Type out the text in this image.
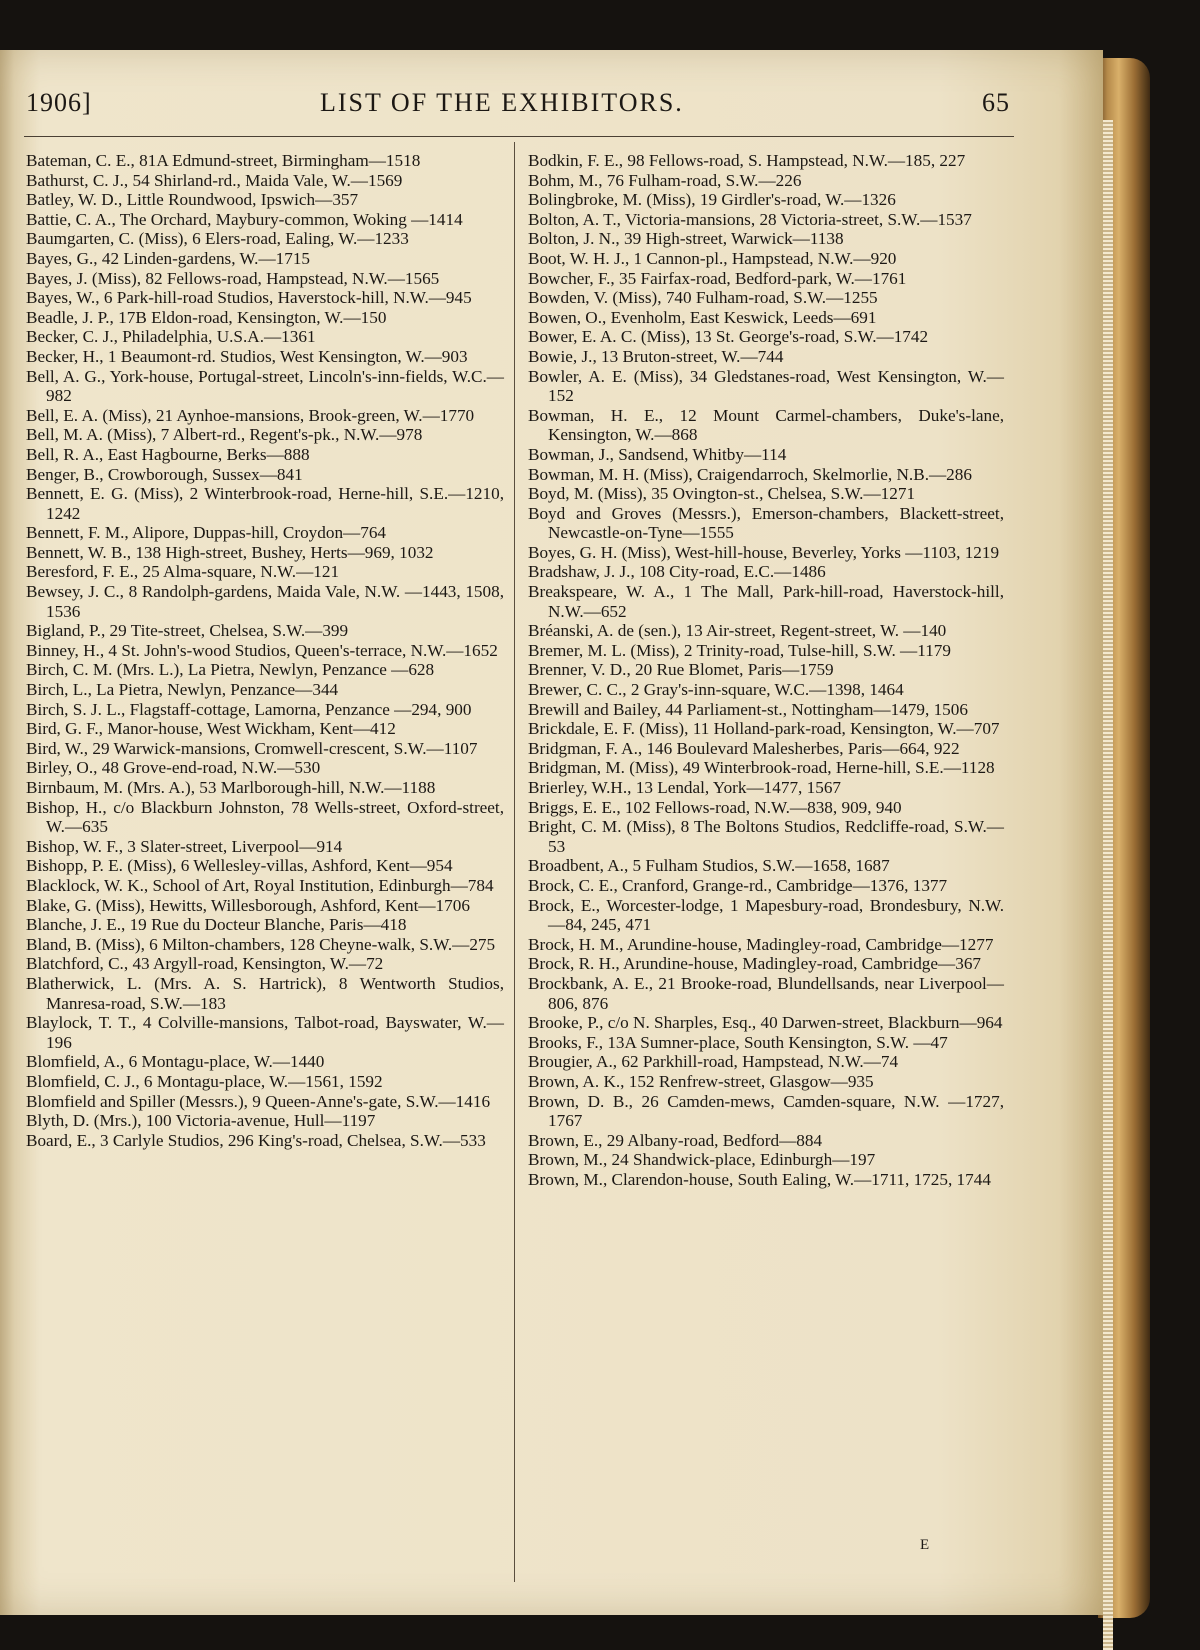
1906]	LIST OF THE EXHIBITORS.	65

Bateman, C. E., 81A Edmund-street, Birmingham—1518

Bathurst, C. J., 54 Shirland-rd., Maida Vale, W.—1569

Batley, W. D., Little Roundwood, Ipswich—357

Battie, C. A., The Orchard, Maybury-common, Woking —1414

Baumgarten, C. (Miss), 6 Elers-road, Ealing, W.—1233

Bayes, G., 42 Linden-gardens, W.—1715

Bayes, J. (Miss), 82 Fellows-road, Hampstead, N.W.—1565

Bayes, W., 6 Park-hill-road Studios, Haverstock-hill, N.W.—945

Beadle, J. P., 17B Eldon-road, Kensington, W.—150

Becker, C. J., Philadelphia, U.S.A.—1361

Becker, H., 1 Beaumont-rd. Studios, West Kensington, W.—903

Bell, A. G., York-house, Portugal-street, Lincoln's-inn-fields, W.C.—982

Bell, E. A. (Miss), 21 Aynhoe-mansions, Brook-green, W.—1770

Bell, M. A. (Miss), 7 Albert-rd., Regent's-pk., N.W.—978

Bell, R. A., East Hagbourne, Berks—888

Benger, B., Crowborough, Sussex—841

Bennett, E. G. (Miss), 2 Winterbrook-road, Herne-hill, S.E.—1210, 1242

Bennett, F. M., Alipore, Duppas-hill, Croydon—764

Bennett, W. B., 138 High-street, Bushey, Herts—969, 1032

Beresford, F. E., 25 Alma-square, N.W.—121

Bewsey, J. C., 8 Randolph-gardens, Maida Vale, N.W. —1443, 1508, 1536

Bigland, P., 29 Tite-street, Chelsea, S.W.—399

Binney, H., 4 St. John's-wood Studios, Queen's-terrace, N.W.—1652

Birch, C. M. (Mrs. L.), La Pietra, Newlyn, Penzance —628

Birch, L., La Pietra, Newlyn, Penzance—344

Birch, S. J. L., Flagstaff-cottage, Lamorna, Penzance —294, 900

Bird, G. F., Manor-house, West Wickham, Kent—412

Bird, W., 29 Warwick-mansions, Cromwell-crescent, S.W.—1107

Birley, O., 48 Grove-end-road, N.W.—530

Birnbaum, M. (Mrs. A.), 53 Marlborough-hill, N.W.—1188

Bishop, H., c/o Blackburn Johnston, 78 Wells-street, Oxford-street, W.—635

Bishop, W. F., 3 Slater-street, Liverpool—914

Bishopp, P. E. (Miss), 6 Wellesley-villas, Ashford, Kent—954

Blacklock, W. K., School of Art, Royal Institution, Edinburgh—784

Blake, G. (Miss), Hewitts, Willesborough, Ashford, Kent—1706

Blanche, J. E., 19 Rue du Docteur Blanche, Paris—418

Bland, B. (Miss), 6 Milton-chambers, 128 Cheyne-walk, S.W.—275

Blatchford, C., 43 Argyll-road, Kensington, W.—72

Blatherwick, L. (Mrs. A. S. Hartrick), 8 Wentworth Studios, Manresa-road, S.W.—183

Blaylock, T. T., 4 Colville-mansions, Talbot-road, Bayswater, W.—196

Blomfield, A., 6 Montagu-place, W.—1440

Blomfield, C. J., 6 Montagu-place, W.—1561, 1592

Blomfield and Spiller (Messrs.), 9 Queen-Anne's-gate, S.W.—1416

Blyth, D. (Mrs.), 100 Victoria-avenue, Hull—1197

Board, E., 3 Carlyle Studios, 296 King's-road, Chelsea, S.W.—533

Bodkin, F. E., 98 Fellows-road, S. Hampstead, N.W.—185, 227

Bohm, M., 76 Fulham-road, S.W.—226

Bolingbroke, M. (Miss), 19 Girdler's-road, W.—1326

Bolton, A. T., Victoria-mansions, 28 Victoria-street, S.W.—1537

Bolton, J. N., 39 High-street, Warwick—1138

Boot, W. H. J., 1 Cannon-pl., Hampstead, N.W.—920

Bowcher, F., 35 Fairfax-road, Bedford-park, W.—1761

Bowden, V. (Miss), 740 Fulham-road, S.W.—1255

Bowen, O., Evenholm, East Keswick, Leeds—691

Bower, E. A. C. (Miss), 13 St. George's-road, S.W.—1742

Bowie, J., 13 Bruton-street, W.—744

Bowler, A. E. (Miss), 34 Gledstanes-road, West Kensington, W.—152

Bowman, H. E., 12 Mount Carmel-chambers, Duke's-lane, Kensington, W.—868

Bowman, J., Sandsend, Whitby—114

Bowman, M. H. (Miss), Craigendarroch, Skelmorlie, N.B.—286

Boyd, M. (Miss), 35 Ovington-st., Chelsea, S.W.—1271

Boyd and Groves (Messrs.), Emerson-chambers, Blackett-street, Newcastle-on-Tyne—1555

Boyes, G. H. (Miss), West-hill-house, Beverley, Yorks —1103, 1219

Bradshaw, J. J., 108 City-road, E.C.—1486

Breakspeare, W. A., 1 The Mall, Park-hill-road, Haverstock-hill, N.W.—652

Bréanski, A. de (sen.), 13 Air-street, Regent-street, W. —140

Bremer, M. L. (Miss), 2 Trinity-road, Tulse-hill, S.W. —1179

Brenner, V. D., 20 Rue Blomet, Paris—1759

Brewer, C. C., 2 Gray's-inn-square, W.C.—1398, 1464

Brewill and Bailey, 44 Parliament-st., Nottingham—1479, 1506

Brickdale, E. F. (Miss), 11 Holland-park-road, Kensington, W.—707

Bridgman, F. A., 146 Boulevard Malesherbes, Paris—664, 922

Bridgman, M. (Miss), 49 Winterbrook-road, Herne-hill, S.E.—1128

Brierley, W.H., 13 Lendal, York—1477, 1567

Briggs, E. E., 102 Fellows-road, N.W.—838, 909, 940

Bright, C. M. (Miss), 8 The Boltons Studios, Redcliffe-road, S.W.—53

Broadbent, A., 5 Fulham Studios, S.W.—1658, 1687

Brock, C. E., Cranford, Grange-rd., Cambridge—1376, 1377

Brock, E., Worcester-lodge, 1 Mapesbury-road, Brondesbury, N.W.—84, 245, 471

Brock, H. M., Arundine-house, Madingley-road, Cambridge—1277

Brock, R. H., Arundine-house, Madingley-road, Cambridge—367

Brockbank, A. E., 21 Brooke-road, Blundellsands, near Liverpool—806, 876

Brooke, P., c/o N. Sharples, Esq., 40 Darwen-street, Blackburn—964

Brooks, F., 13A Sumner-place, South Kensington, S.W. —47

Brougier, A., 62 Parkhill-road, Hampstead, N.W.—74

Brown, A. K., 152 Renfrew-street, Glasgow—935

Brown, D. B., 26 Camden-mews, Camden-square, N.W. —1727, 1767

Brown, E., 29 Albany-road, Bedford—884

Brown, M., 24 Shandwick-place, Edinburgh—197

Brown, M., Clarendon-house, South Ealing, W.—1711, 1725, 1744

E
